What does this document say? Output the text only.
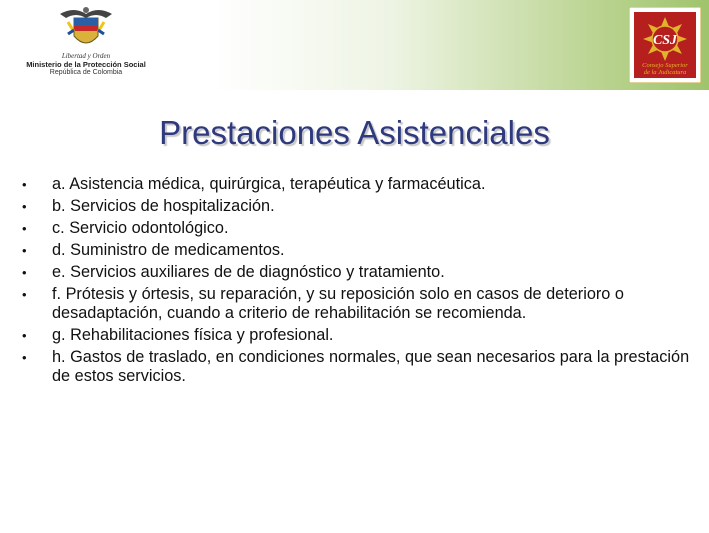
Libertad y Orden
Ministerio de la Protección Social
República de Colombia
CSJ
Consejo Superior
de la Judicatura
Prestaciones Asistenciales
•	a. Asistencia médica, quirúrgica, terapéutica y farmacéutica.
•	b. Servicios de hospitalización.
•	c. Servicio odontológico.
•	d. Suministro de medicamentos.
•	e. Servicios auxiliares de de diagnóstico y tratamiento.
•	f. Prótesis y órtesis, su reparación, y su reposición solo en casos de deterioro o desadaptación, cuando a criterio de rehabilitación se recomienda.
•	g. Rehabilitaciones física y profesional.
•	h. Gastos de traslado, en condiciones normales, que sean necesarios para la prestación de estos servicios.
